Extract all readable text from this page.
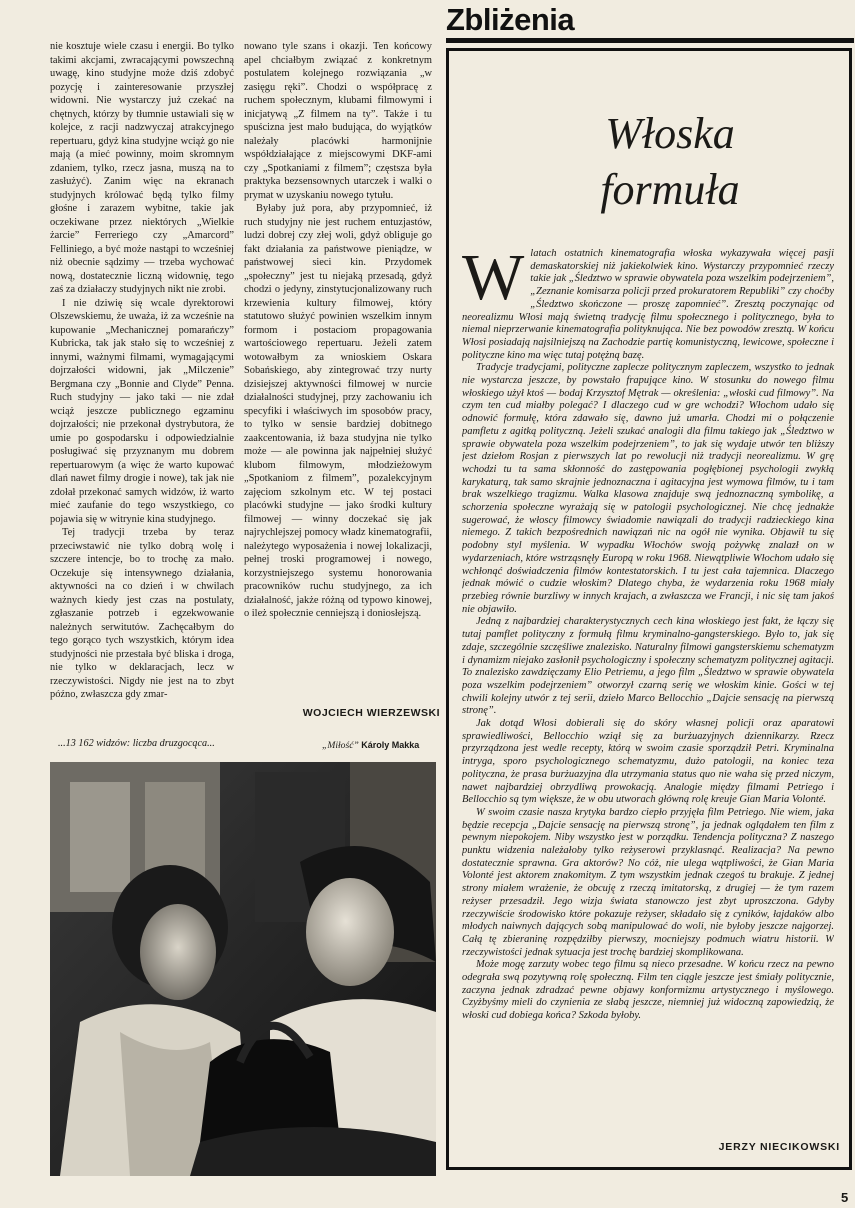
Zbliżenia

nie kosztuje wiele czasu i energii. Bo tylko takimi akcjami, zwracającymi powszechną uwagę, kino studyjne może dziś zdobyć pozycję i zainteresowanie przyszłej widowni. Nie wystarczy już czekać na chętnych, którzy by tłumnie ustawiali się w kolejce, z racji nadzwyczaj atrakcyjnego repertuaru, gdyż kina studyjne wciąż go nie mają (a mieć powinny, moim skromnym zdaniem, tylko, rzecz jasna, muszą na to zasłużyć). Zanim więc na ekranach studyjnych królować będą tylko filmy głośne i zarazem wybitne, takie jak oczekiwane przez niektórych „Wielkie żarcie” Ferreriego czy „Amarcord” Felliniego, a być może nastąpi to wcześniej niż obecnie sądzimy — trzeba wychować nową, dostatecznie liczną widownię, tego zaś za działaczy studyjnych nikt nie zrobi.

I nie dziwię się wcale dyrektorowi Olszewskiemu, że uważa, iż za wcześnie na kupowanie „Mechanicznej pomarańczy” Kubricka, tak jak stało się to wcześniej z innymi, ważnymi filmami, wymagającymi dojrzałości widowni, jak „Milczenie” Bergmana czy „Bonnie and Clyde” Penna. Ruch studyjny — jako taki — nie zdał wciąż jeszcze publicznego egzaminu dojrzałości; nie przekonał dystrybutora, że umie po gospodarsku i odpowiedzialnie posługiwać się przyznanym mu dobrem repertuarowym (a więc że warto kupować dlań nawet filmy drogie i nowe), tak jak nie zdołał przekonać samych widzów, iż warto mieć zaufanie do tego wszystkiego, co pojawia się w witrynie kina studyjnego.

Tej tradycji trzeba by teraz przeciwstawić nie tylko dobrą wolę i szczere intencje, bo to trochę za mało. Oczekuje się intensywnego działania, aktywności na co dzień i w chwilach ważnych kiedy jest czas na postulaty, zgłaszanie potrzeb i egzekwowanie należnych serwitutów. Zachęcałbym do tego gorąco tych wszystkich, którym idea studyjności nie przestała być bliska i droga, nie tylko w deklaracjach, lecz w rzeczywistości. Nigdy nie jest na to zbyt późno, zwłaszcza gdy zmar-

nowano tyle szans i okazji. Ten końcowy apel chciałbym związać z konkretnym postulatem kolejnego rozwiązania „w zasięgu ręki”. Chodzi o współpracę z ruchem społecznym, klubami filmowymi i inicjatywą „Z filmem na ty”. Także i tu spuścizna jest mało budująca, do wyjątków należały placówki harmonijnie współdziałające z miejscowymi DKF-ami czy „Spotkaniami z filmem”; częstsza była praktyka bezsensownych utarczek i walki o prymat w uzyskaniu nowego tytułu.

Byłaby już pora, aby przypomnieć, iż ruch studyjny nie jest ruchem entuzjastów, ludzi dobrej czy złej woli, gdyż obliguje go fakt działania za państwowe pieniądze, w państwowej sieci kin. Przydomek „społeczny” jest tu niejaką przesadą, gdyż chodzi o jedyny, zinstytucjonalizowany ruch krzewienia kultury filmowej, który statutowo służyć powinien wszelkim innym formom i postaciom propagowania wartościowego repertuaru. Jeżeli zatem wotowałbym za wnioskiem Oskara Sobańskiego, aby zintegrować trzy nurty dzisiejszej aktywności filmowej w nurcie działalności studyjnej, przy zachowaniu ich specyfiki i właściwych im sposobów pracy, to tylko w sensie bardziej dobitnego zaakcentowania, iż baza studyjna nie tylko może — ale powinna jak najpełniej służyć klubom filmowym, młodzieżowym „Spotkaniom z filmem”, pozalekcyjnym zajęciom szkolnym etc. W tej postaci placówki studyjne — jako środki kultury filmowej — winny doczekać się jak najrychlejszej pomocy władz kinematografii, należytego wyposażenia i nowej lokalizacji, pełnej troski programowej i nowego, korzystniejszego systemu honorowania pracowników ruchu studyjnego, za ich działalność, jakże różną od typowo kinowej, o ileż społecznie cenniejszą i doniosłejszą.

WOJCIECH WIERZEWSKI
...13 162 widzów: liczba druzgocąca...	„Miłość” Károly Makka
Włoska
formuła

Wlatach ostatnich kinematografia włoska wykazywała więcej pasji demaskatorskiej niż jakiekolwiek kino. Wystarczy przypomnieć rzeczy takie jak „Śledztwo w sprawie obywatela poza wszelkim podejrzeniem”, „Zeznanie komisarza policji przed prokuratorem Republiki” czy choćby „Śledztwo skończone — proszę zapomnieć”. Zresztą poczynając od neorealizmu Włosi mają świetną tradycję filmu społecznego i politycznego, była to niemal nieprzerwanie kinematografia polityknująca. Nie bez powodów zresztą. W końcu Włosi posiadają najsilniejszą na Zachodzie partię komunistyczną, lewicowe, społeczne i polityczne kino ma więc tutaj potężną bazę.

Tradycje tradycjami, polityczne zaplecze politycznym zapleczem, wszystko to jednak nie wystarcza jeszcze, by powstało frapujące kino. W stosunku do nowego filmu włoskiego użył ktoś — bodaj Krzysztof Mętrak — określenia: „włoski cud filmowy”. Na czym ten cud miałby polegać? I dlaczego cud w gre wchodzi? Włochom udało się odnowić formułę, która zdawało się, dawno już umarła. Chodzi mi o połączenie pamfletu z agitką polityczną. Jeżeli szukać analogii dla filmu takiego jak „Śledztwo w sprawie obywatela poza wszelkim podejrzeniem”, to jak się wydaje utwór ten bliższy jest dziełom Rosjan z pierwszych lat po rewolucji niż tradycji neorealizmu. W grę wchodzi tu ta sama skłonność do zastępowania pogłębionej psychologii zwykłą karykaturą, tak samo skrajnie jednoznaczna i agitacyjna jest wymowa filmów, tu i tam brak wszelkiego tragizmu. Walka klasowa znajduje swą jednoznaczną symbolikę, a schorzenia społeczne wyrażają się w patologii psychologicznej. Nie chcę jednakże sugerować, że włoscy filmowcy świadomie nawiązali do tradycji radzieckiego kina niemego. Z takich bezpośrednich nawiązań nic na ogół nie wynika. Objawił tu się podobny styl myślenia. W wypadku Włochów swoją pożywkę znalazł on w wydarzeniach, które wstrząsnęły Europą w roku 1968. Niewątpliwie Włochom udało się wchłonąć doświadczenia filmów kontestatorskich. I tu jest cała tajemnica. Dlaczego jednak mówić o cudzie włoskim? Dlatego chyba, że wydarzenia roku 1968 miały przebieg równie burzliwy w innych krajach, a zwłaszcza we Francji, i nic się tam jakoś nie objawiło.

Jedną z najbardziej charakterystycznych cech kina włoskiego jest fakt, że łączy się tutaj pamflet polityczny z formułą filmu kryminalno-gangsterskiego. Było to, jak się zdaje, szczególnie szczęśliwe znalezisko. Naturalny filmowi gangsterskiemu schematyzm i dynamizm niejako zasłonił psychologiczny i społeczny schematyzm politycznej agitacji. To znalezisko zawdzięczamy Elio Petriemu, a jego film „Śledztwo w sprawie obywatela poza wszelkim podejrzeniem” otworzył czarną serię we włoskim kinie. Gości w tej chwili kolejny utwór z tej serii, dzieło Marco Bellocchio „Dajcie sensację na pierwszą stronę”.

Jak dotąd Włosi dobierali się do skóry własnej policji oraz aparatowi sprawiedliwości, Bellocchio wziął się za burżuazyjnych dziennikarzy. Rzecz przyrządzona jest wedle recepty, którą w swoim czasie sporządził Petri. Kryminalna intryga, sporo psychologicznego schematyzmu, dużo patologii, na koniec teza polityczna, że prasa burżuazyjna dla utrzymania status quo nie waha się przed niczym, nawet najbardziej obrzydliwą prowokacją. Analogie między filmami Petriego i Bellocchio są tym większe, że w obu utworach główną rolę kreuje Gian Maria Volonté.

W swoim czasie nasza krytyka bardzo ciepło przyjęła film Petriego. Nie wiem, jaka będzie recepcja „Dajcie sensację na pierwszą stronę”, ja jednak oglądałem ten film z pewnym niepokojem. Niby wszystko jest w porządku. Tendencja polityczna? Z naszego punktu widzenia należałoby tylko reżyserowi przyklasnąć. Realizacja? Na pewno dostatecznie sprawna. Gra aktorów? No cóż, nie ulega wątpliwości, że Gian Maria Volonté jest aktorem znakomitym. Z tym wszystkim jednak czegoś tu brakuje. Z jednej strony miałem wrażenie, że obcuję z rzeczą imitatorską, z drugiej — że tym razem reżyser przesadził. Jego wizja świata stanowczo jest zbyt uproszczona. Gdyby rzeczywiście środowisko które pokazuje reżyser, składało się z cyników, łajdaków albo młodych naiwnych dających sobą manipulować do woli, nie byłoby jeszcze najgorzej. Całą tę zbieraninę rozpędziłby pierwszy, mocniejszy podmuch wiatru historii. W rzeczywistości jednak sytuacja jest trochę bardziej skomplikowana.

Może mogę zarzuty wobec tego filmu są nieco przesadne. W końcu rzecz na pewno odegrała swą pozytywną rolę społeczną. Film ten ciągle jeszcze jest śmiały politycznie, zaczyna jednak zdradzać pewne objawy konformizmu artystycznego i myślowego. Czyżbyśmy mieli do czynienia ze słabą jeszcze, niemniej już widoczną zapowiedzią, że włoski cud dobiega końca? Szkoda byłoby.

JERZY NIECIKOWSKI
5
